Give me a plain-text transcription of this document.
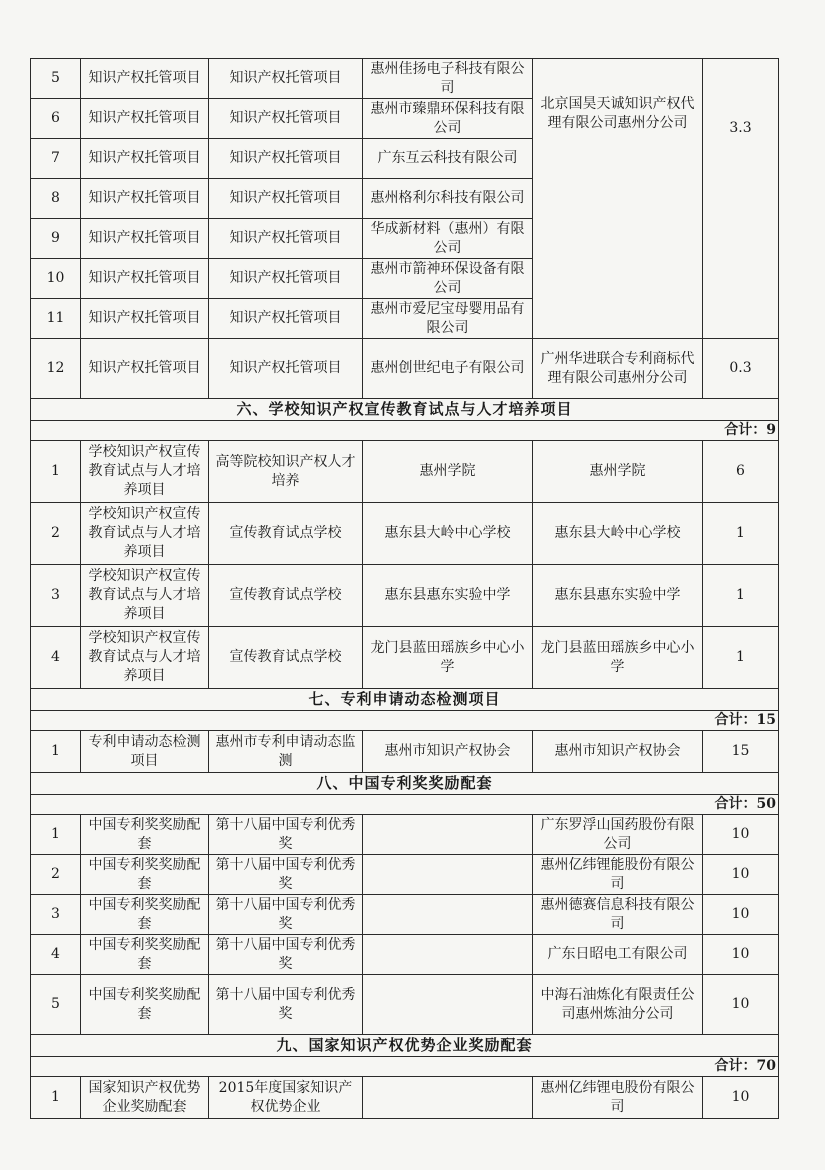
5	知识产权托管项目	知识产权托管项目	惠州佳扬电子科技有限公司	北京国昊天诚知识产权代理有限公司惠州分公司	3.3
6	知识产权托管项目	知识产权托管项目	惠州市臻鼎环保科技有限公司		
7	知识产权托管项目	知识产权托管项目	广东互云科技有限公司		
8	知识产权托管项目	知识产权托管项目	惠州格利尔科技有限公司		
9	知识产权托管项目	知识产权托管项目	华成新材料（惠州）有限公司		
10	知识产权托管项目	知识产权托管项目	惠州市箭神环保设备有限公司		
11	知识产权托管项目	知识产权托管项目	惠州市爱尼宝母婴用品有限公司		
12	知识产权托管项目	知识产权托管项目	惠州创世纪电子有限公司	广州华进联合专利商标代理有限公司惠州分公司	0.3
六、学校知识产权宣传教育试点与人才培养项目					
合计：9					
1	学校知识产权宣传教育试点与人才培养项目	高等院校知识产权人才培养	惠州学院	惠州学院	6
2	学校知识产权宣传教育试点与人才培养项目	宣传教育试点学校	惠东县大岭中心学校	惠东县大岭中心学校	1
3	学校知识产权宣传教育试点与人才培养项目	宣传教育试点学校	惠东县惠东实验中学	惠东县惠东实验中学	1
4	学校知识产权宣传教育试点与人才培养项目	宣传教育试点学校	龙门县蓝田瑶族乡中心小学	龙门县蓝田瑶族乡中心小学	1
七、专利申请动态检测项目					
合计：15					
1	专利申请动态检测项目	惠州市专利申请动态监测	惠州市知识产权协会	惠州市知识产权协会	15
八、中国专利奖奖励配套					
合计：50					
1	中国专利奖奖励配套	第十八届中国专利优秀奖		广东罗浮山国药股份有限公司	10
2	中国专利奖奖励配套	第十八届中国专利优秀奖		惠州亿纬锂能股份有限公司	10
3	中国专利奖奖励配套	第十八届中国专利优秀奖		惠州德赛信息科技有限公司	10
4	中国专利奖奖励配套	第十八届中国专利优秀奖		广东日昭电工有限公司	10
5	中国专利奖奖励配套	第十八届中国专利优秀奖		中海石油炼化有限责任公司惠州炼油分公司	10
九、国家知识产权优势企业奖励配套					
合计：70					
1	国家知识产权优势企业奖励配套	2015年度国家知识产权优势企业		惠州亿纬锂电股份有限公司	10
